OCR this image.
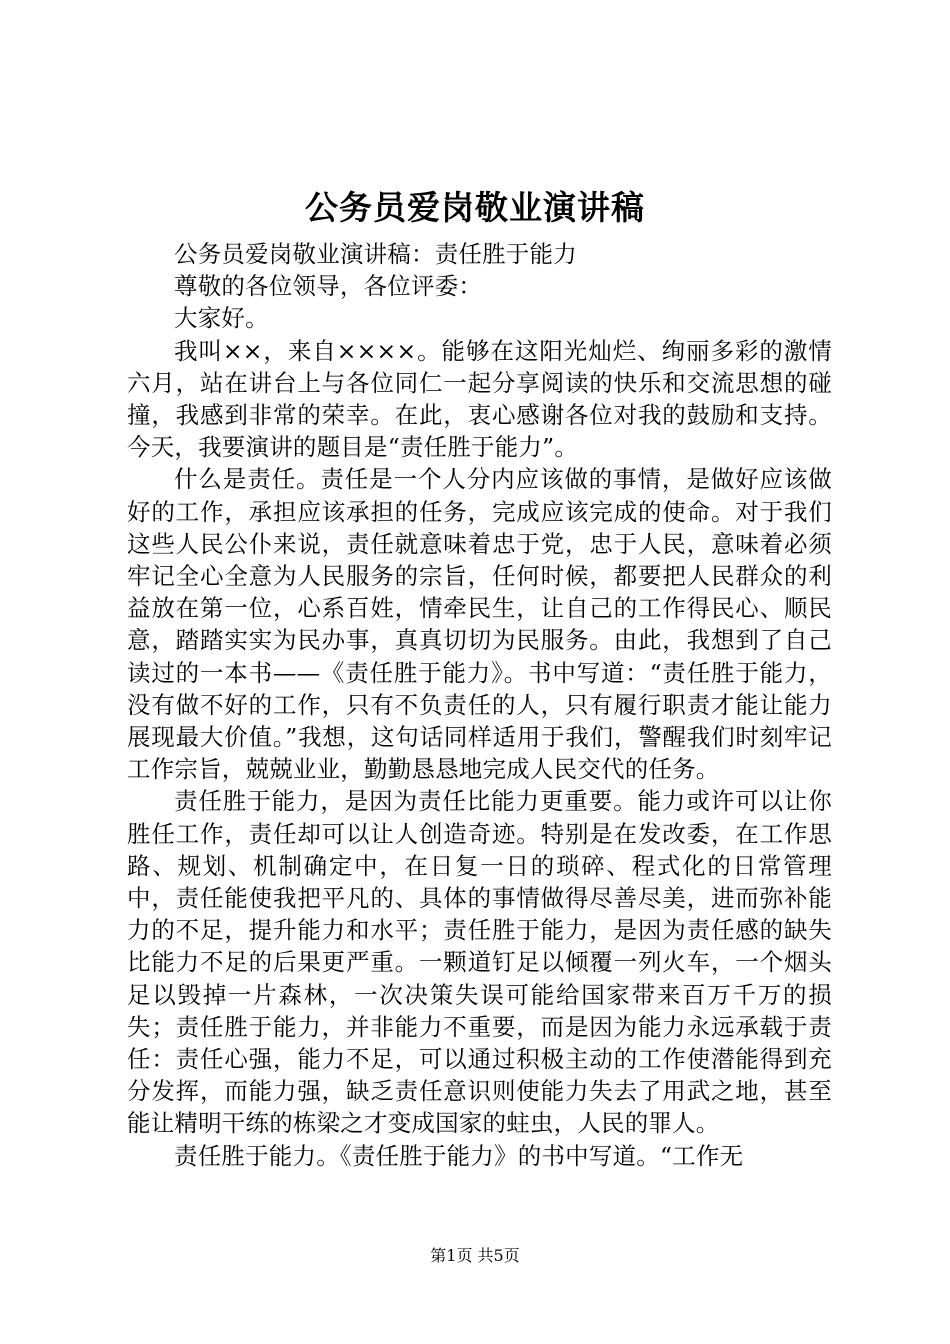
公务员爱岗敬业演讲稿

公务员爱岗敬业演讲稿：责任胜于能力

尊敬的各位领导，各位评委：

大家好。

我叫××，来自××××。能够在这阳光灿烂、绚丽多彩的激情六月，站在讲台上与各位同仁一起分享阅读的快乐和交流思想的碰撞，我感到非常的荣幸。在此，衷心感谢各位对我的鼓励和支持。今天，我要演讲的题目是“责任胜于能力”。

什么是责任。责任是一个人分内应该做的事情，是做好应该做好的工作，承担应该承担的任务，完成应该完成的使命。对于我们这些人民公仆来说，责任就意味着忠于党，忠于人民，意味着必须牢记全心全意为人民服务的宗旨，任何时候，都要把人民群众的利益放在第一位，心系百姓，情牵民生，让自己的工作得民心、顺民意，踏踏实实为民办事，真真切切为民服务。由此，我想到了自己读过的一本书——《责任胜于能力》。书中写道：“责任胜于能力，没有做不好的工作，只有不负责任的人，只有履行职责才能让能力展现最大价值。”我想，这句话同样适用于我们，警醒我们时刻牢记工作宗旨，兢兢业业，勤勤恳恳地完成人民交代的任务。

责任胜于能力，是因为责任比能力更重要。能力或许可以让你胜任工作，责任却可以让人创造奇迹。特别是在发改委，在工作思路、规划、机制确定中，在日复一日的琐碎、程式化的日常管理中，责任能使我把平凡的、具体的事情做得尽善尽美，进而弥补能力的不足，提升能力和水平；责任胜于能力，是因为责任感的缺失比能力不足的后果更严重。一颗道钉足以倾覆一列火车，一个烟头足以毁掉一片森林，一次决策失误可能给国家带来百万千万的损失；责任胜于能力，并非能力不重要，而是因为能力永远承载于责任：责任心强，能力不足，可以通过积极主动的工作使潜能得到充分发挥，而能力强，缺乏责任意识则使能力失去了用武之地，甚至能让精明干练的栋梁之才变成国家的蛀虫，人民的罪人。

责任胜于能力。《责任胜于能力》的书中写道。“工作无

第1页 共5页
